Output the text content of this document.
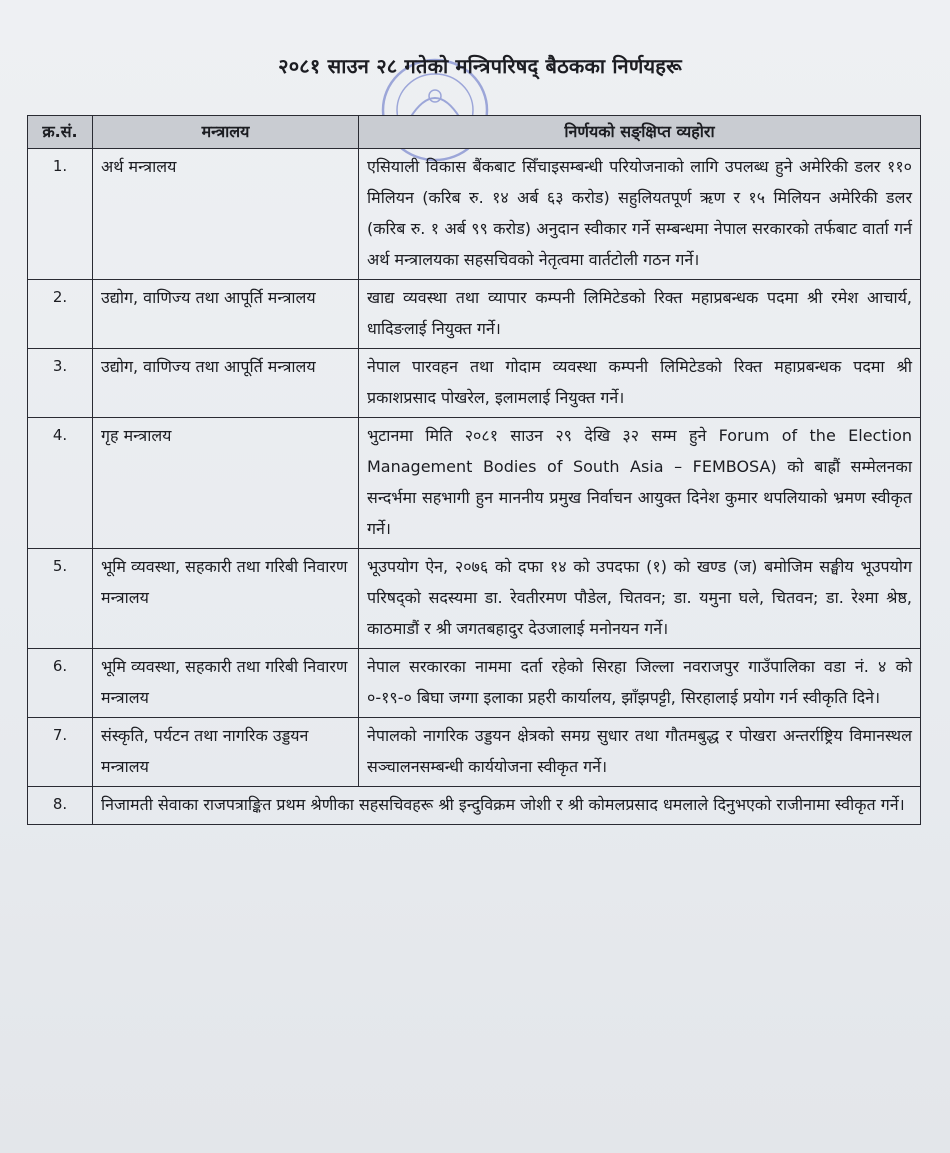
२०८१ साउन २८ गतेको मन्त्रिपरिषद् बैठकका निर्णयहरू
क्र.सं.	मन्त्रालय	निर्णयको सङ्क्षिप्त व्यहोरा
1.	अर्थ मन्त्रालय	एसियाली विकास बैंकबाट सिँचाइसम्बन्धी परियोजनाको लागि उपलब्ध हुने अमेरिकी डलर ११० मिलियन (करिब रु. १४ अर्ब ६३ करोड) सहुलियतपूर्ण ऋण र १५ मिलियन अमेरिकी डलर (करिब रु. १ अर्ब ९९ करोड) अनुदान स्वीकार गर्ने सम्बन्धमा नेपाल सरकारको तर्फबाट वार्ता गर्न अर्थ मन्त्रालयका सहसचिवको नेतृत्वमा वार्तटोली गठन गर्ने।
2.	उद्योग, वाणिज्य तथा आपूर्ति मन्त्रालय	खाद्य व्यवस्था तथा व्यापार कम्पनी लिमिटेडको रिक्त महाप्रबन्धक पदमा श्री रमेश आचार्य, धादिङलाई नियुक्त गर्ने।
3.	उद्योग, वाणिज्य तथा आपूर्ति मन्त्रालय	नेपाल पारवहन तथा गोदाम व्यवस्था कम्पनी लिमिटेडको रिक्त महाप्रबन्धक पदमा श्री प्रकाशप्रसाद पोखरेल, इलामलाई नियुक्त गर्ने।
4.	गृह मन्त्रालय	भुटानमा मिति २०८१ साउन २९ देखि ३२ सम्म हुने Forum of the Election Management Bodies of South Asia – FEMBOSA) को बाह्रौं सम्मेलनका सन्दर्भमा सहभागी हुन माननीय प्रमुख निर्वाचन आयुक्त दिनेश कुमार थपलियाको भ्रमण स्वीकृत गर्ने।
5.	भूमि व्यवस्था, सहकारी तथा गरिबी निवारण मन्त्रालय	भूउपयोग ऐन, २०७६ को दफा १४ को उपदफा (१) को खण्ड (ज) बमोजिम सङ्घीय भूउपयोग परिषद्को सदस्यमा डा. रेवतीरमण पौडेल, चितवन; डा. यमुना घले, चितवन; डा. रेश्मा श्रेष्ठ, काठमाडौं र श्री जगतबहादुर देउजालाई मनोनयन गर्ने।
6.	भूमि व्यवस्था, सहकारी तथा गरिबी निवारण मन्त्रालय	नेपाल सरकारका नाममा दर्ता रहेको सिरहा जिल्ला नवराजपुर गाउँपालिका वडा नं. ४ को ०-१९-० बिघा जग्गा इलाका प्रहरी कार्यालय, झाँझपट्टी, सिरहालाई प्रयोग गर्न स्वीकृति दिने।
7.	संस्कृति, पर्यटन तथा नागरिक उड्डयन मन्त्रालय	नेपालको नागरिक उड्डयन क्षेत्रको समग्र सुधार तथा गौतमबुद्ध र पोखरा अन्तर्राष्ट्रिय विमानस्थल सञ्चालनसम्बन्धी कार्ययोजना स्वीकृत गर्ने।
8.	निजामती सेवाका राजपत्राङ्कित प्रथम श्रेणीका सहसचिवहरू श्री इन्दुविक्रम जोशी र श्री कोमलप्रसाद धमलाले दिनुभएको राजीनामा स्वीकृत गर्ने।	
